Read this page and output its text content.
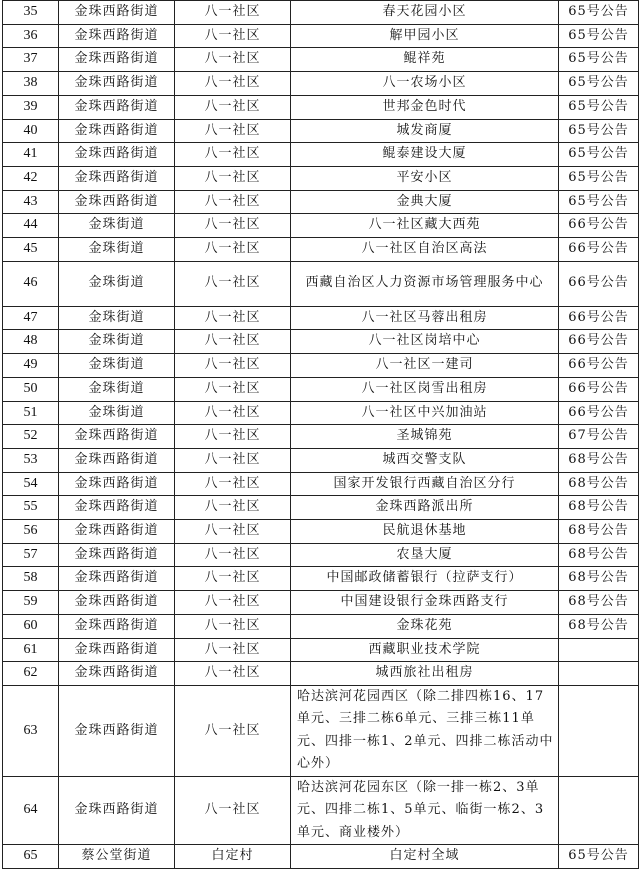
35	金珠西路街道	八一社区	春天花园小区	65号公告
36	金珠西路街道	八一社区	解甲园小区	65号公告
37	金珠西路街道	八一社区	鲲祥苑	65号公告
38	金珠西路街道	八一社区	八一农场小区	65号公告
39	金珠西路街道	八一社区	世邦金色时代	65号公告
40	金珠西路街道	八一社区	城发商厦	65号公告
41	金珠西路街道	八一社区	鲲泰建设大厦	65号公告
42	金珠西路街道	八一社区	平安小区	65号公告
43	金珠西路街道	八一社区	金典大厦	65号公告
44	金珠街道	八一社区	八一社区藏大西苑	66号公告
45	金珠街道	八一社区	八一社区自治区高法	66号公告
46	金珠街道	八一社区	西藏自治区人力资源市场管理服务中心	66号公告
47	金珠街道	八一社区	八一社区马蓉出租房	66号公告
48	金珠街道	八一社区	八一社区岗培中心	66号公告
49	金珠街道	八一社区	八一社区一建司	66号公告
50	金珠街道	八一社区	八一社区岗雪出租房	66号公告
51	金珠街道	八一社区	八一社区中兴加油站	66号公告
52	金珠西路街道	八一社区	圣城锦苑	67号公告
53	金珠西路街道	八一社区	城西交警支队	68号公告
54	金珠西路街道	八一社区	国家开发银行西藏自治区分行	68号公告
55	金珠西路街道	八一社区	金珠西路派出所	68号公告
56	金珠西路街道	八一社区	民航退休基地	68号公告
57	金珠西路街道	八一社区	农垦大厦	68号公告
58	金珠西路街道	八一社区	中国邮政储蓄银行（拉萨支行）	68号公告
59	金珠西路街道	八一社区	中国建设银行金珠西路支行	68号公告
60	金珠西路街道	八一社区	金珠花苑	68号公告
61	金珠西路街道	八一社区	西藏职业技术学院	
62	金珠西路街道	八一社区	城西旅社出租房	
63	金珠西路街道	八一社区	哈达滨河花园西区（除二排四栋16、17单元、三排二栋6单元、三排三栋11单元、四排一栋1、2单元、四排二栋活动中心外）	
64	金珠西路街道	八一社区	哈达滨河花园东区（除一排一栋2、3单元、四排二栋1、5单元、临街一栋2、3单元、商业楼外）	
65	蔡公堂街道	白定村	白定村全域	65号公告
